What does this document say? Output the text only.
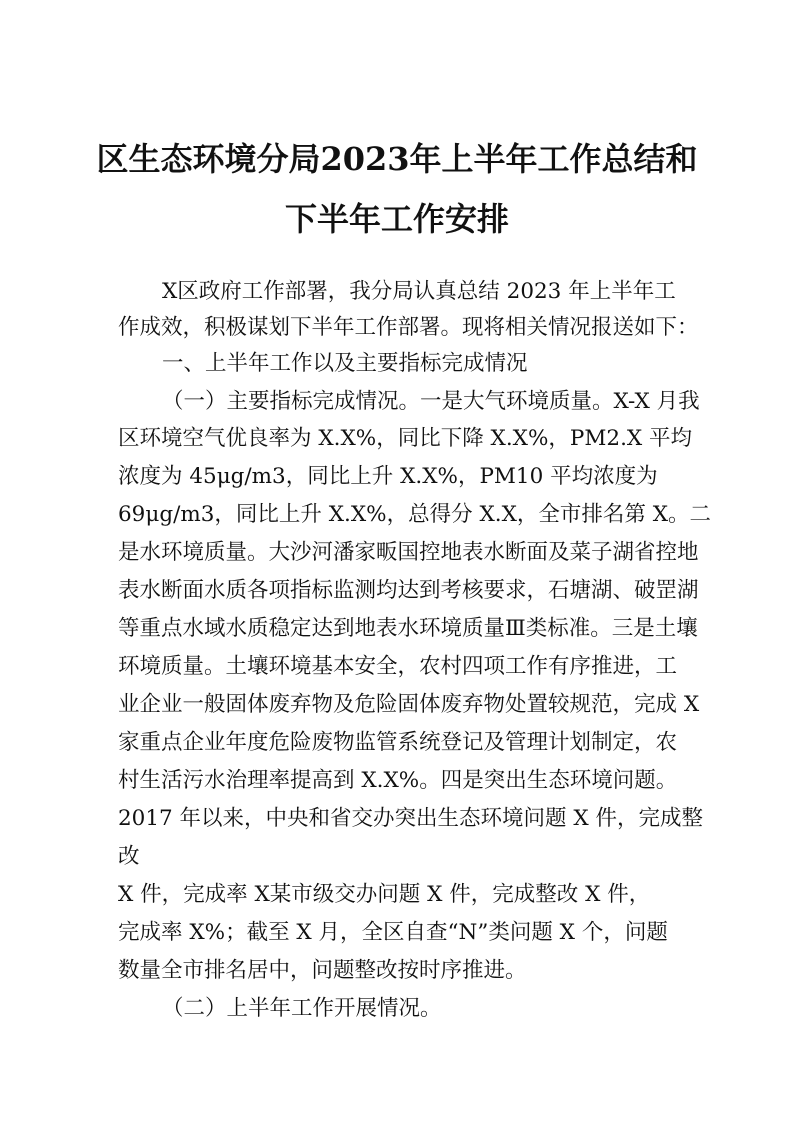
区生态环境分局2023年上半年工作总结和
下半年工作安排
X区政府工作部署，我分局认真总结 2023 年上半年工
作成效，积极谋划下半年工作部署。现将相关情况报送如下：
一、上半年工作以及主要指标完成情况
（一）主要指标完成情况。一是大气环境质量。X-X 月我
区环境空气优良率为 X.X%，同比下降 X.X%，PM2.X 平均
浓度为 45μg/m3，同比上升 X.X%，PM10 平均浓度为
69μg/m3，同比上升 X.X%，总得分 X.X，全市排名第 X。二
是水环境质量。大沙河潘家畈国控地表水断面及菜子湖省控地
表水断面水质各项指标监测均达到考核要求，石塘湖、破罡湖
等重点水域水质稳定达到地表水环境质量Ⅲ类标准。三是土壤
环境质量。土壤环境基本安全，农村四项工作有序推进，工
业企业一般固体废弃物及危险固体废弃物处置较规范，完成 X
家重点企业年度危险废物监管系统登记及管理计划制定，农
村生活污水治理率提高到 X.X%。四是突出生态环境问题。
2017 年以来，中央和省交办突出生态环境问题 X 件，完成整
改
X 件，完成率 X某市级交办问题 X 件，完成整改 X 件，
完成率 X%；截至 X 月，全区自查“N”类问题 X 个，问题
数量全市排名居中，问题整改按时序推进。
（二）上半年工作开展情况。
